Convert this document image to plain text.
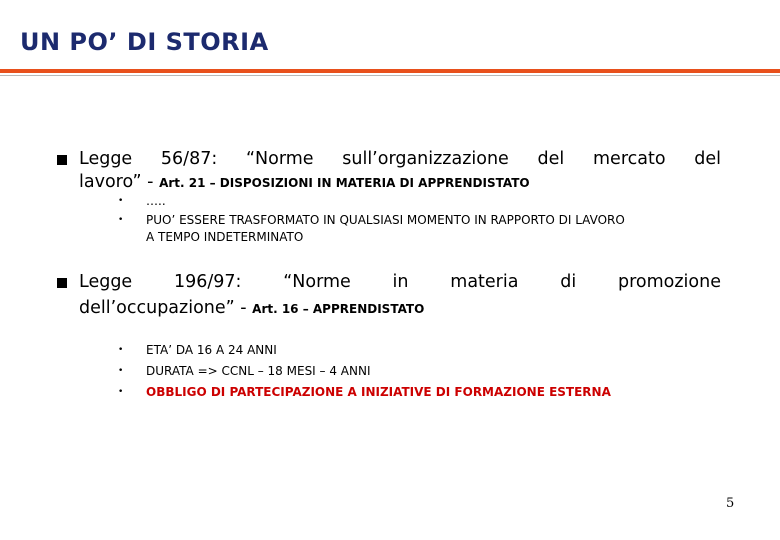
UN PO’ DI STORIA
Legge 56/87: “Norme sull’organizzazione del mercato del
lavoro” - Art. 21 – DISPOSIZIONI IN MATERIA DI APPRENDISTATO
• …..
• PUO’ ESSERE TRASFORMATO IN QUALSIASI MOMENTO IN RAPPORTO DI LAVORO
A TEMPO INDETERMINATO
Legge 196/97: “Norme in materia di promozione
dell’occupazione” - Art. 16 – APPRENDISTATO
• ETA’ DA 16 A 24 ANNI
• DURATA => CCNL – 18 MESI – 4 ANNI
• OBBLIGO DI PARTECIPAZIONE A INIZIATIVE DI FORMAZIONE ESTERNA
5
